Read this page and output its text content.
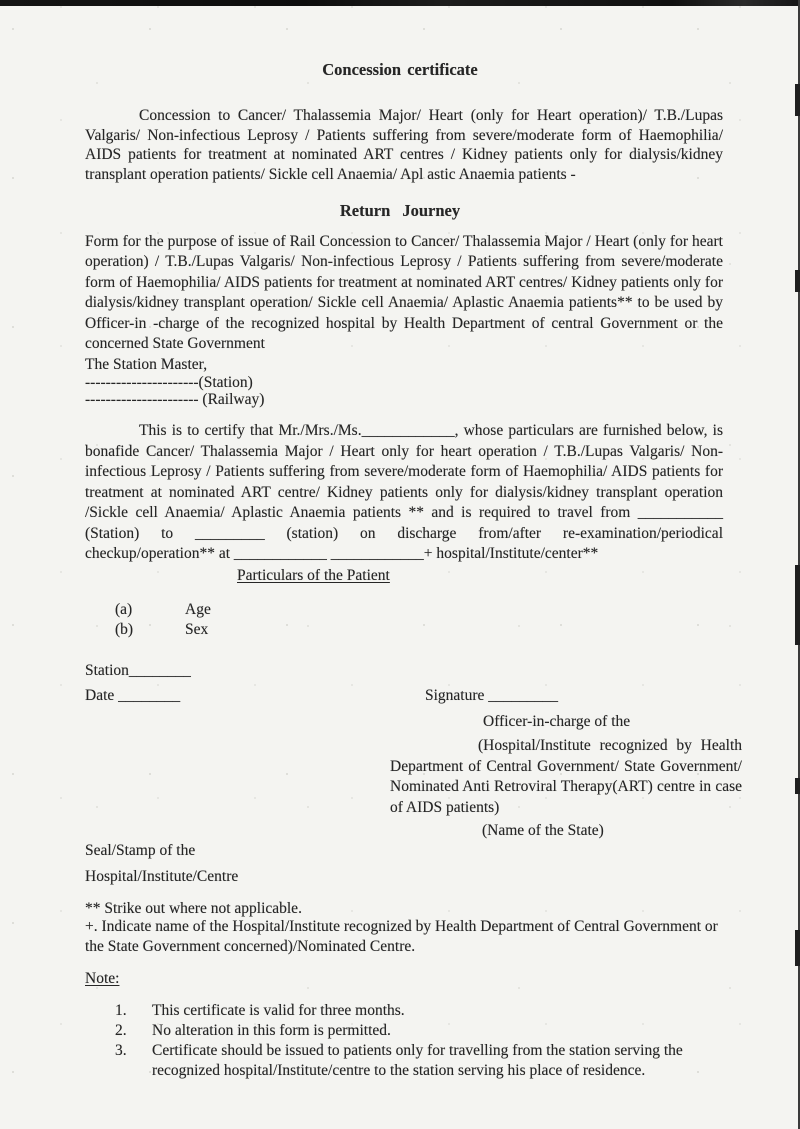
Concession certificate
Concession to Cancer/ Thalassemia Major/ Heart (only for Heart operation)/ T.B./Lupas Valgaris/ Non-infectious Leprosy / Patients suffering from severe/moderate form of Haemophilia/ AIDS patients for treatment at nominated ART centres / Kidney patients only for dialysis/kidney transplant operation patients/ Sickle cell Anaemia/ Apl astic Anaemia patients -
Return Journey
Form for the purpose of issue of Rail Concession to Cancer/ Thalassemia Major / Heart (only for heart operation) / T.B./Lupas Valgaris/ Non-infectious Leprosy / Patients suffering from severe/moderate form of Haemophilia/ AIDS patients for treatment at nominated ART centres/ Kidney patients only for dialysis/kidney transplant operation/ Sickle cell Anaemia/ Aplastic Anaemia patients** to be used by Officer-in -charge of the recognized hospital by Health Department of central Government or the concerned State Government
The Station Master,
----------------------(Station)
---------------------- (Railway)
This is to certify that Mr./Mrs./Ms.____________, whose particulars are furnished below, is bonafide Cancer/ Thalassemia Major / Heart only for heart operation / T.B./Lupas Valgaris/ Non-infectious Leprosy / Patients suffering from severe/moderate form of Haemophilia/ AIDS patients for treatment at nominated ART centre/ Kidney patients only for dialysis/kidney transplant operation /Sickle cell Anaemia/ Aplastic Anaemia patients ** and is required to travel from ___________ (Station) to _________ (station) on discharge from/after re-examination/periodical checkup/operation** at ____________ ____________+ hospital/Institute/center**
Particulars of the Patient
(a)	Age
(b)	Sex
Station________
Date ________	Signature _________
Officer-in-charge of the
(Hospital/Institute recognized by Health Department of Central Government/ State Government/ Nominated Anti Retroviral Therapy(ART) centre in case of AIDS patients)
(Name of the State)
Seal/Stamp of the
Hospital/Institute/Centre
** Strike out where not applicable.
+. Indicate name of the Hospital/Institute recognized by Health Department of Central Government or the State Government concerned)/Nominated Centre.
Note:
1. This certificate is valid for three months.
2. No alteration in this form is permitted.
3. Certificate should be issued to patients only for travelling from the station serving the recognized hospital/Institute/centre to the station serving his place of residence.
